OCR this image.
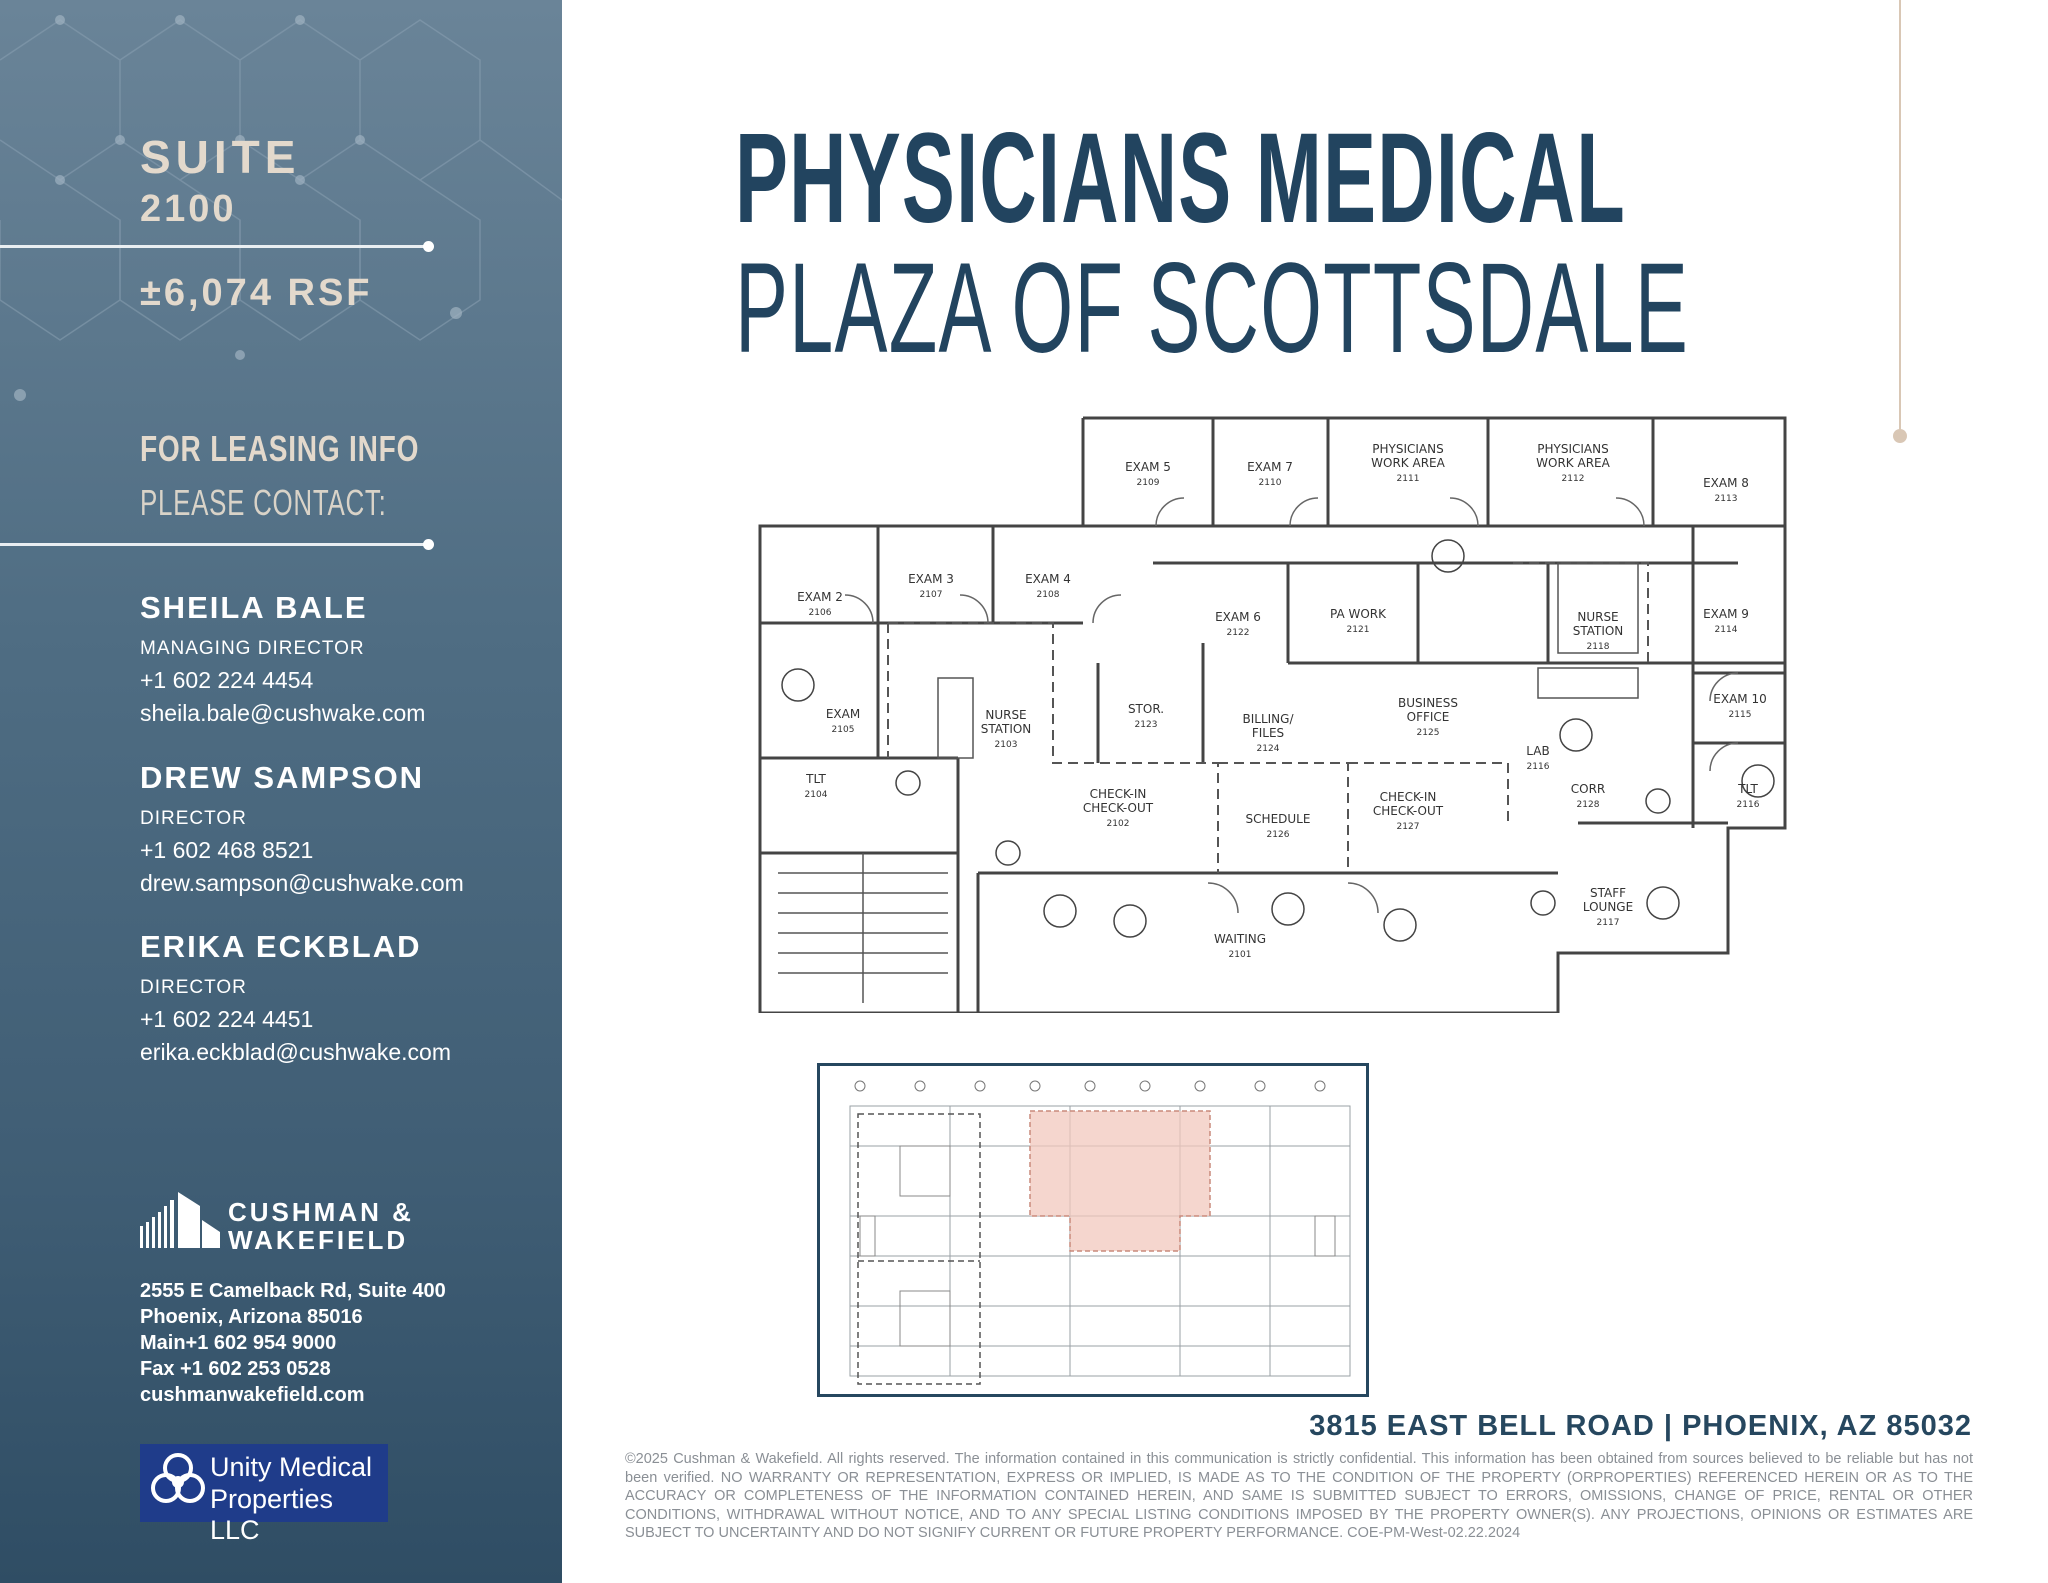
SUITE
2100
±6,074 RSF
FOR LEASING INFO
PLEASE CONTACT:
SHEILA BALE
MANAGING DIRECTOR
+1 602 224 4454
sheila.bale@cushwake.com
DREW SAMPSON
DIRECTOR
+1 602 468 8521
drew.sampson@cushwake.com
ERIKA ECKBLAD
DIRECTOR
+1 602 224 4451
erika.eckblad@cushwake.com
CUSHMAN &
WAKEFIELD
2555 E Camelback Rd, Suite 400
Phoenix, Arizona 85016
Main+1 602 954 9000
Fax +1 602 253 0528
cushmanwakefield.com
Unity Medical
Properties LLC
PHYSICIANS MEDICAL
PLAZA OF SCOTTSDALE
EXAM 5
2109
EXAM 7
2110
PHYSICIANS
WORK AREA
2111
PHYSICIANS
WORK AREA
2112	EXAM 8
2113
EXAM 2
2106
EXAM 3
2107
EXAM 4
2108
EXAM 6
2122
PA WORK
2121
NURSE
STATION
2118
EXAM 9
2114
EXAM
2105
NURSE
STATION
2103
STOR.
2123	BILLING/
FILES
2124
BUSINESS
OFFICE
2125
EXAM 10
2115
TLT
2104	CHECK-IN
CHECK-OUT
2102	SCHEDULE
2126
CHECK-IN
CHECK-OUT
2127
LAB
2116
CORR
2128
TLT
2116
STAFF
LOUNGE
2117
WAITING
2101
3815 EAST BELL ROAD | PHOENIX, AZ 85032
©2025 Cushman & Wakefield. All rights reserved. The information contained in this communication is strictly confidential. This information has been obtained from sources believed to be reliable but has not been verified. NO WARRANTY OR REPRESENTATION, EXPRESS OR IMPLIED, IS MADE AS TO THE CONDITION OF THE PROPERTY (ORPROPERTIES) REFERENCED HEREIN OR AS TO THE ACCURACY OR COMPLETENESS OF THE INFORMATION CONTAINED HEREIN, AND SAME IS SUBMITTED SUBJECT TO ERRORS, OMISSIONS, CHANGE OF PRICE, RENTAL OR OTHER CONDITIONS, WITHDRAWAL WITHOUT NOTICE, AND TO ANY SPECIAL LISTING CONDITIONS IMPOSED BY THE PROPERTY OWNER(S). ANY PROJECTIONS, OPINIONS OR ESTIMATES ARE SUBJECT TO UNCERTAINTY AND DO NOT SIGNIFY CURRENT OR FUTURE PROPERTY PERFORMANCE. COE-PM-West-02.22.2024
